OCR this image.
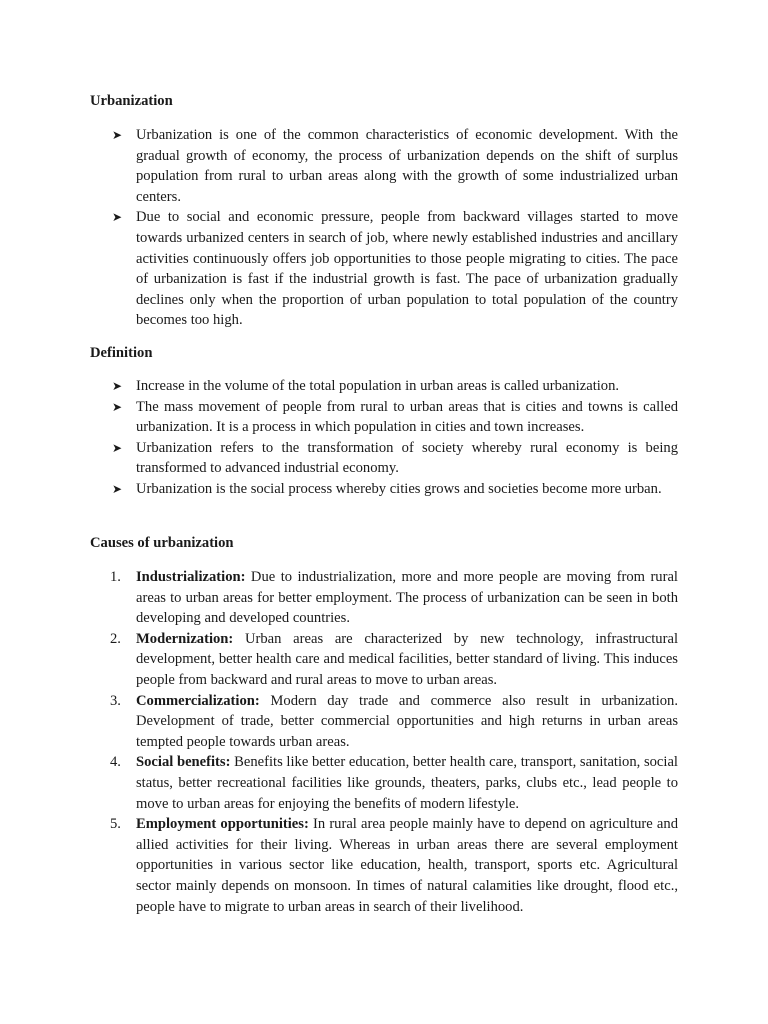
Urbanization
➤ Urbanization is one of the common characteristics of economic development. With the gradual growth of economy, the process of urbanization depends on the shift of surplus population from rural to urban areas along with the growth of some industrialized urban centers.
➤ Due to social and economic pressure, people from backward villages started to move towards urbanized centers in search of job, where newly established industries and ancillary activities continuously offers job opportunities to those people migrating to cities. The pace of urbanization is fast if the industrial growth is fast. The pace of urbanization gradually declines only when the proportion of urban population to total population of the country becomes too high.
Definition
➤ Increase in the volume of the total population in urban areas is called urbanization.
➤ The mass movement of people from rural to urban areas that is cities and towns is called urbanization. It is a process in which population in cities and town increases.
➤ Urbanization refers to the transformation of society whereby rural economy is being transformed to advanced industrial economy.
➤ Urbanization is the social process whereby cities grows and societies become more urban.
Causes of urbanization
1. Industrialization: Due to industrialization, more and more people are moving from rural areas to urban areas for better employment. The process of urbanization can be seen in both developing and developed countries.
2. Modernization: Urban areas are characterized by new technology, infrastructural development, better health care and medical facilities, better standard of living. This induces people from backward and rural areas to move to urban areas.
3. Commercialization: Modern day trade and commerce also result in urbanization. Development of trade, better commercial opportunities and high returns in urban areas tempted people towards urban areas.
4. Social benefits: Benefits like better education, better health care, transport, sanitation, social status, better recreational facilities like grounds, theaters, parks, clubs etc., lead people to move to urban areas for enjoying the benefits of modern lifestyle.
5. Employment opportunities: In rural area people mainly have to depend on agriculture and allied activities for their living. Whereas in urban areas there are several employment opportunities in various sector like education, health, transport, sports etc. Agricultural sector mainly depends on monsoon. In times of natural calamities like drought, flood etc., people have to migrate to urban areas in search of their livelihood.
